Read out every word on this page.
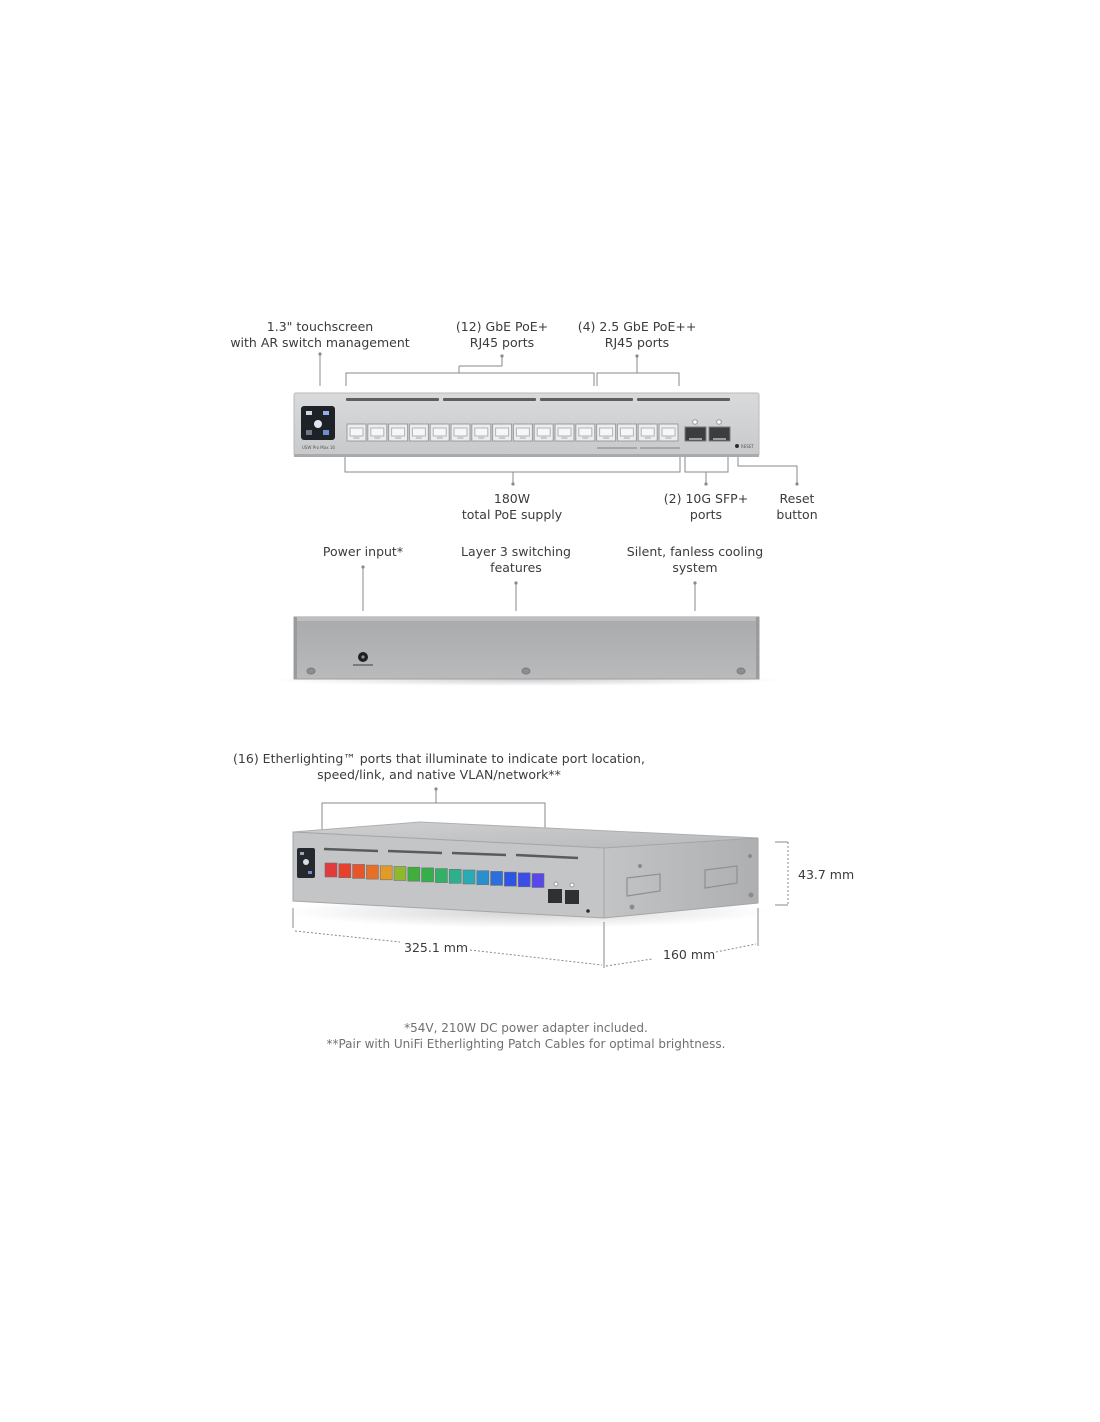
1.3" touchscreen
with AR switch management
(12) GbE PoE+
RJ45 ports
(4) 2.5 GbE PoE++
RJ45 ports
180W
total PoE supply
(2) 10G SFP+
ports
Reset
button
Power input*	Layer 3 switching
features
Silent, fanless cooling
system
(16) Etherlighting™ ports that illuminate to indicate port location,
speed/link, and native VLAN/network**
325.1 mm	160 mm
43.7 mm
*54V, 210W DC power adapter included.
**Pair with UniFi Etherlighting Patch Cables for optimal brightness.
USW Pro Max 16	RESET
